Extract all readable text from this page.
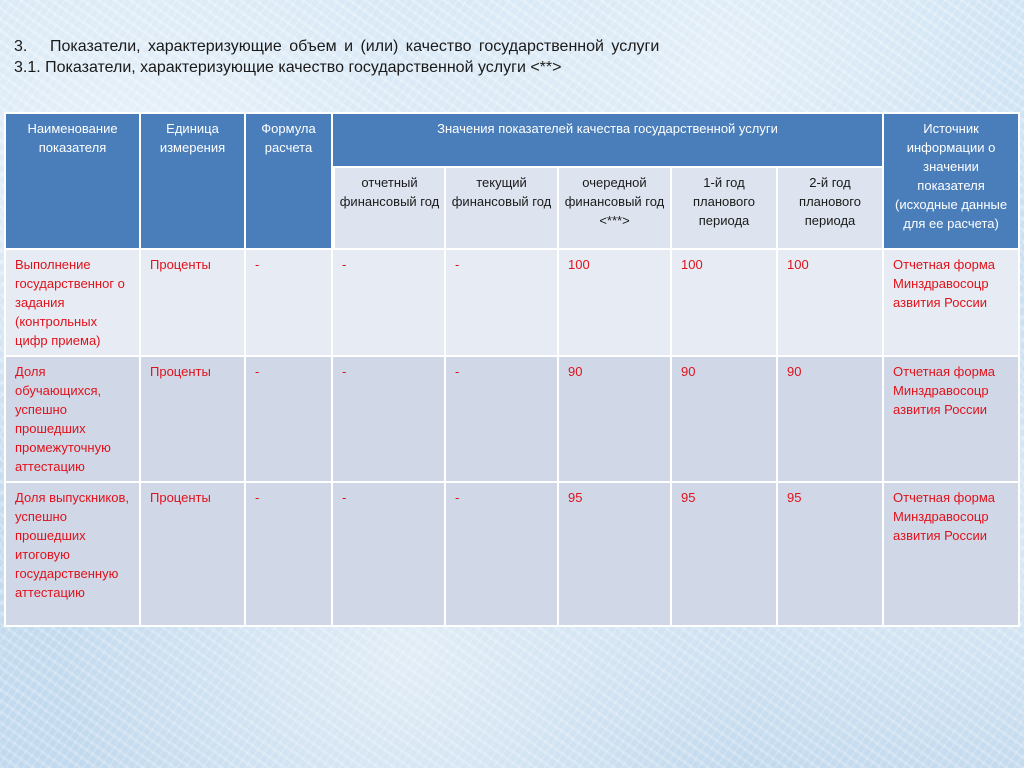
3. Показатели, характеризующие объем и (или) качество государственной услуги
3.1. Показатели, характеризующие качество государственной услуги <**>
Наименование показателя	Единица измерения	Формула расчета	Значения показателей качества государственной услуги					Источник информации о значении показателя (исходные данные для ее расчета)
			отчетный финансовый год	текущий финансовый год	очередной финансовый год <***>	1-й год планового периода	2-й год планового периода	
Выполнение государственног о задания (контрольных цифр приема)	Проценты	-	-	-	100	100	100	Отчетная форма Минздравосоцр азвития России
Доля обучающихся, успешно прошедших промежуточную аттестацию	Проценты	-	-	-	90	90	90	Отчетная форма Минздравосоцр азвития России
Доля выпускников, успешно прошедших итоговую государственную аттестацию	Проценты	-	-	-	95	95	95	Отчетная форма Минздравосоцр азвития России
